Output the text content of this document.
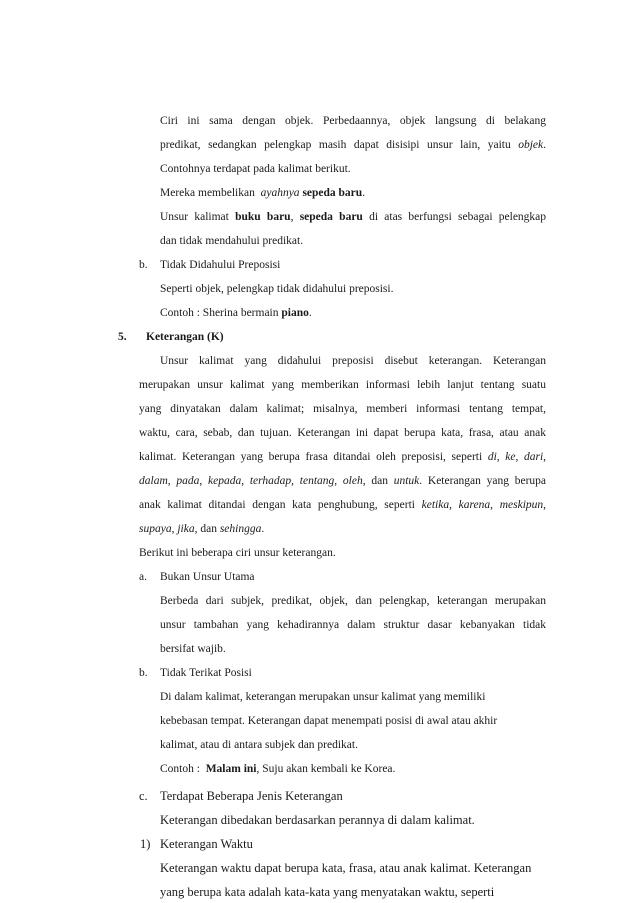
Ciri ini sama dengan objek. Perbedaannya, objek langsung di belakang
predikat, sedangkan pelengkap masih dapat disisipi unsur lain, yaitu objek.
Contohnya terdapat pada kalimat berikut.
Mereka membelikan ayahnya sepeda baru.
Unsur kalimat buku baru, sepeda baru di atas berfungsi sebagai pelengkap
dan tidak mendahului predikat.
b. Tidak Didahului Preposisi
Seperti objek, pelengkap tidak didahului preposisi.
Contoh : Sherina bermain piano.
5. Keterangan (K)
Unsur kalimat yang didahului preposisi disebut keterangan. Keterangan
merupakan unsur kalimat yang memberikan informasi lebih lanjut tentang suatu
yang dinyatakan dalam kalimat; misalnya, memberi informasi tentang tempat,
waktu, cara, sebab, dan tujuan. Keterangan ini dapat berupa kata, frasa, atau anak
kalimat. Keterangan yang berupa frasa ditandai oleh preposisi, seperti di, ke, dari,
dalam, pada, kepada, terhadap, tentang, oleh, dan untuk. Keterangan yang berupa
anak kalimat ditandai dengan kata penghubung, seperti ketika, karena, meskipun,
supaya, jika, dan sehingga.
Berikut ini beberapa ciri unsur keterangan.
a. Bukan Unsur Utama
Berbeda dari subjek, predikat, objek, dan pelengkap, keterangan merupakan
unsur tambahan yang kehadirannya dalam struktur dasar kebanyakan tidak
bersifat wajib.
b. Tidak Terikat Posisi
Di dalam kalimat, keterangan merupakan unsur kalimat yang memiliki
kebebasan tempat. Keterangan dapat menempati posisi di awal atau akhir
kalimat, atau di antara subjek dan predikat.
Contoh : Malam ini, Suju akan kembali ke Korea.
c. Terdapat Beberapa Jenis Keterangan
Keterangan dibedakan berdasarkan perannya di dalam kalimat.
1) Keterangan Waktu
Keterangan waktu dapat berupa kata, frasa, atau anak kalimat. Keterangan
yang berupa kata adalah kata-kata yang menyatakan waktu, seperti
